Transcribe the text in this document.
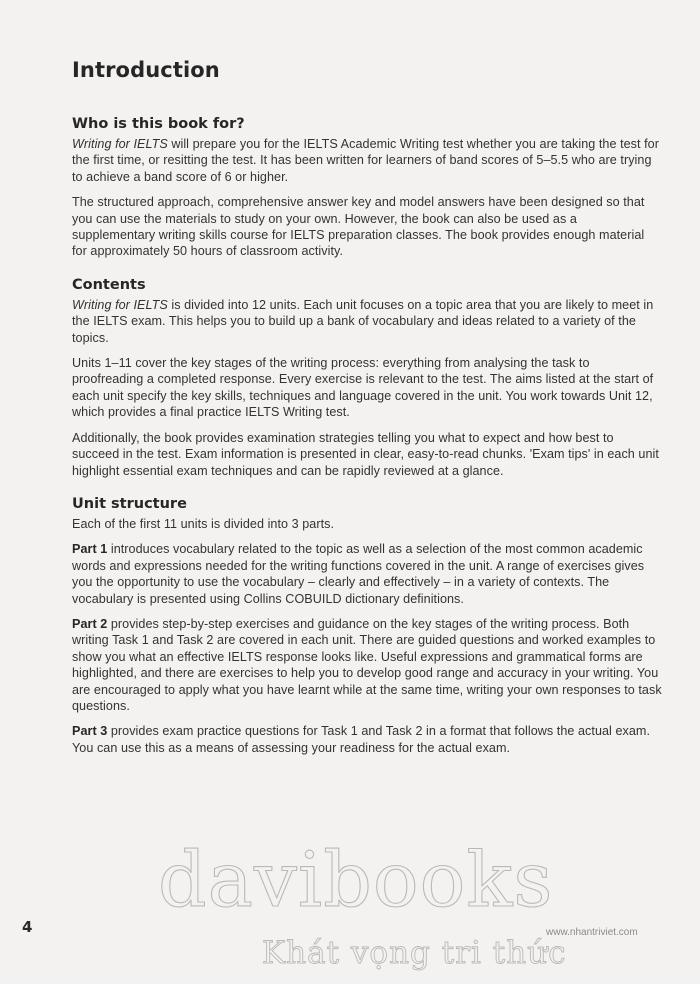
Introduction
Who is this book for?

Writing for IELTS will prepare you for the IELTS Academic Writing test whether you are taking the test for the first time, or resitting the test. It has been written for learners of band scores of 5–5.5 who are trying to achieve a band score of 6 or higher.

The structured approach, comprehensive answer key and model answers have been designed so that you can use the materials to study on your own. However, the book can also be used as a supplementary writing skills course for IELTS preparation classes. The book provides enough material for approximately 50 hours of classroom activity.

Contents

Writing for IELTS is divided into 12 units. Each unit focuses on a topic area that you are likely to meet in the IELTS exam. This helps you to build up a bank of vocabulary and ideas related to a variety of the topics.

Units 1–11 cover the key stages of the writing process: everything from analysing the task to proofreading a completed response. Every exercise is relevant to the test. The aims listed at the start of each unit specify the key skills, techniques and language covered in the unit. You work towards Unit 12, which provides a final practice IELTS Writing test.

Additionally, the book provides examination strategies telling you what to expect and how best to succeed in the test. Exam information is presented in clear, easy-to-read chunks. 'Exam tips' in each unit highlight essential exam techniques and can be rapidly reviewed at a glance.

Unit structure

Each of the first 11 units is divided into 3 parts.

Part 1 introduces vocabulary related to the topic as well as a selection of the most common academic words and expressions needed for the writing functions covered in the unit. A range of exercises gives you the opportunity to use the vocabulary – clearly and effectively – in a variety of contexts. The vocabulary is presented using Collins COBUILD dictionary definitions.

Part 2 provides step-by-step exercises and guidance on the key stages of the writing process. Both writing Task 1 and Task 2 are covered in each unit. There are guided questions and worked examples to show you what an effective IELTS response looks like. Useful expressions and grammatical forms are highlighted, and there are exercises to help you to develop good range and accuracy in your writing. You are encouraged to apply what you have learnt while at the same time, writing your own responses to task questions.

Part 3 provides exam practice questions for Task 1 and Task 2 in a format that follows the actual exam. You can use this as a means of assessing your readiness for the actual exam.

4
davibooks
Khát vọng tri thức
www.nhantriviet.com
